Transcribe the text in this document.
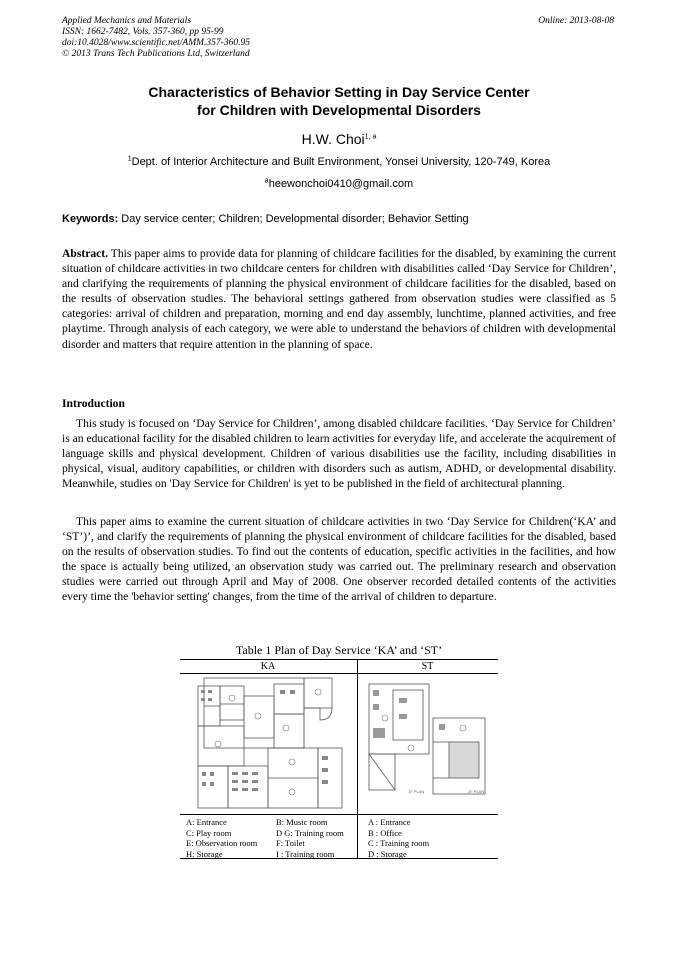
Applied Mechanics and Materials
ISSN: 1662-7482, Vols. 357-360, pp 95-99
doi:10.4028/www.scientific.net/AMM.357-360.95
© 2013 Trans Tech Publications Ltd, Switzerland
Online: 2013-08-08
Characteristics of Behavior Setting in Day Service Center
for Children with Developmental Disorders
H.W. Choi$^{1, a}$
$^1$Dept. of Interior Architecture and Built Environment, Yonsei University, 120-749, Korea
$^a$heewonchoi0410@gmail.com
Keywords: Day service center; Children; Developmental disorder; Behavior Setting
Abstract. This paper aims to provide data for planning of childcare facilities for the disabled, by examining the current situation of childcare activities in two childcare centers for children with disabilities called ‘Day Service for Children’, and clarifying the requirements of planning the physical environment of childcare facilities for the disabled, based on the results of observation studies. The behavioral settings gathered from observation studies were classified as 5 categories: arrival of children and preparation, morning and end day assembly, lunchtime, planned activities, and free playtime. Through analysis of each category, we were able to understand the behaviors of children with developmental disorder and matters that require attention in the planning of space.
Introduction
This study is focused on ‘Day Service for Children’, among disabled childcare facilities. ‘Day Service for Children’ is an educational facility for the disabled children to learn activities for everyday life, and accelerate the acquirement of language skills and physical development. Children of various disabilities use the facility, including disabilities in physical, visual, auditory capabilities, or children with disorders such as autism, ADHD, or developmental disability. Meanwhile, studies on 'Day Service for Children' is yet to be published in the field of architectural planning.
This paper aims to examine the current situation of childcare activities in two ‘Day Service for Children(‘KA’ and ‘ST’)’, and clarify the requirements of planning the physical environment of childcare facilities for the disabled, based on the results of observation studies. To find out the contents of education, specific activities in the facilities, and how the space is actually being utilized, an observation study was carried out. The preliminary research and observation studies were carried out through April and May of 2008. One observer recorded detailed contents of the activities every time the 'behavior setting' changes, from the time of the arrival of children to departure.
Table 1 Plan of Day Service ‘KA’ and ‘ST’
KA	ST
1F PLAN	2F PLAN
A: Entrance
C: Play room
E: Observation room
H: Storage
B: Music room
D G: Training room
F: Toilet
I : Training room
A : Entrance
B : Office
C : Training room
D : Storage
